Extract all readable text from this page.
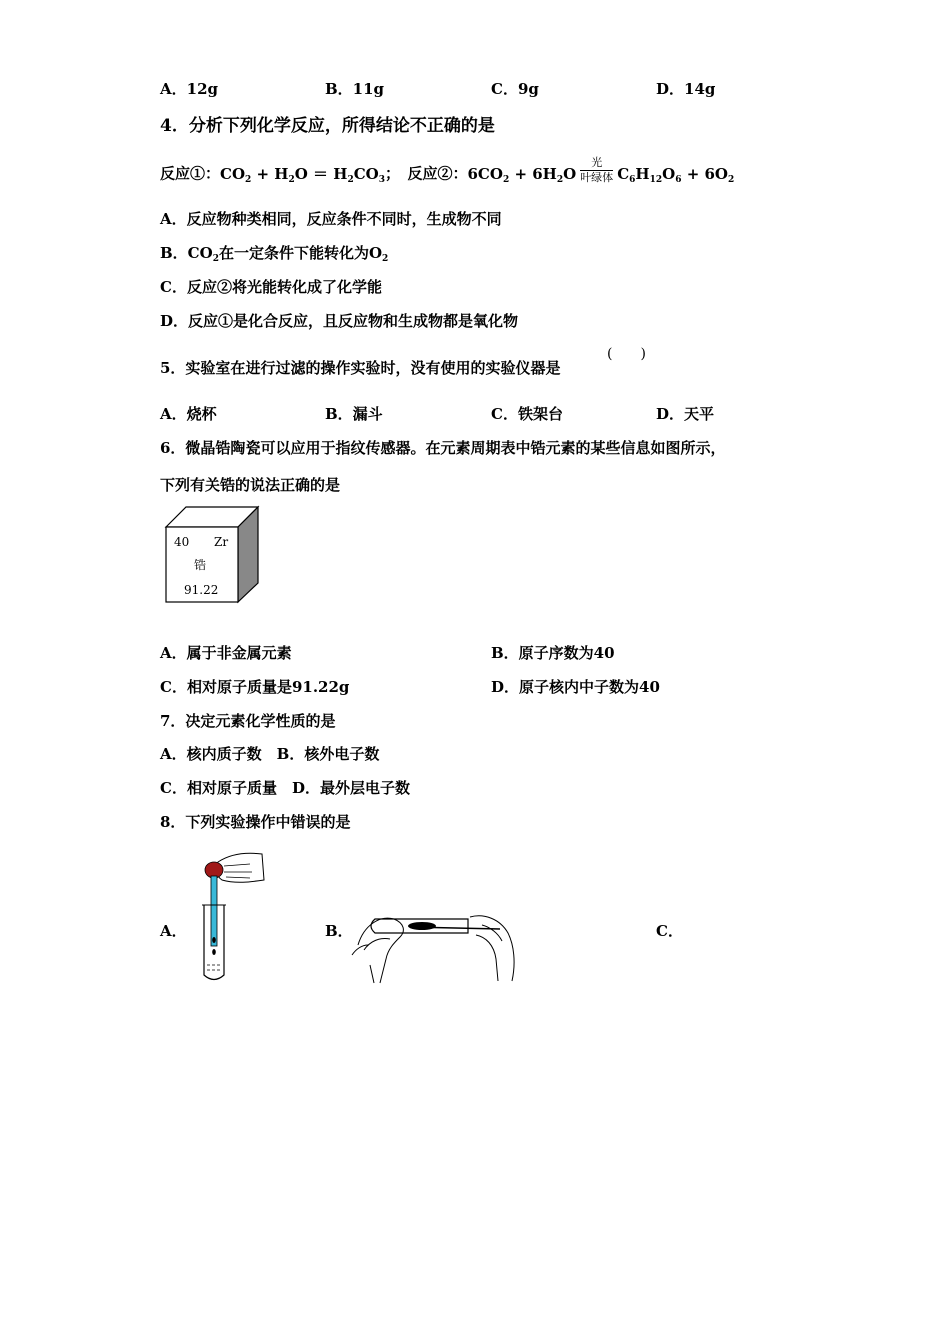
A．12g	B．11g	C．9g	D．14g
4．分析下列化学反应，所得结论不正确的是
反应①：$CO_2 + H_2O = H_2CO_3$；　反应②：$6CO_2 + 6H_2O \frac{\text{光}}{\text{叶绿体}} C_6H_{12}O_6 + 6O_2$
A．反应物种类相同，反应条件不同时，生成物不同
B．$CO_2$在一定条件下能转化为$O_2$
C．反应②将光能转化成了化学能
D．反应①是化合反应，且反应物和生成物都是氧化物
5．实验室在进行过滤的操作实验时，没有使用的实验仪器是
(　　)
A．烧杯	B．漏斗	C．铁架台	D．天平
6．微晶锆陶瓷可以应用于指纹传感器。在元素周期表中锆元素的某些信息如图所示，
下列有关锆的说法正确的是
40 Zr
锆
91.22
A．属于非金属元素	B．原子序数为40
C．相对原子质量是91.22g	D．原子核内中子数为40
7．决定元素化学性质的是
A．核内质子数　B．核外电子数
C．相对原子质量　D．最外层电子数
8．下列实验操作中错误的是
A．	B．	C．
